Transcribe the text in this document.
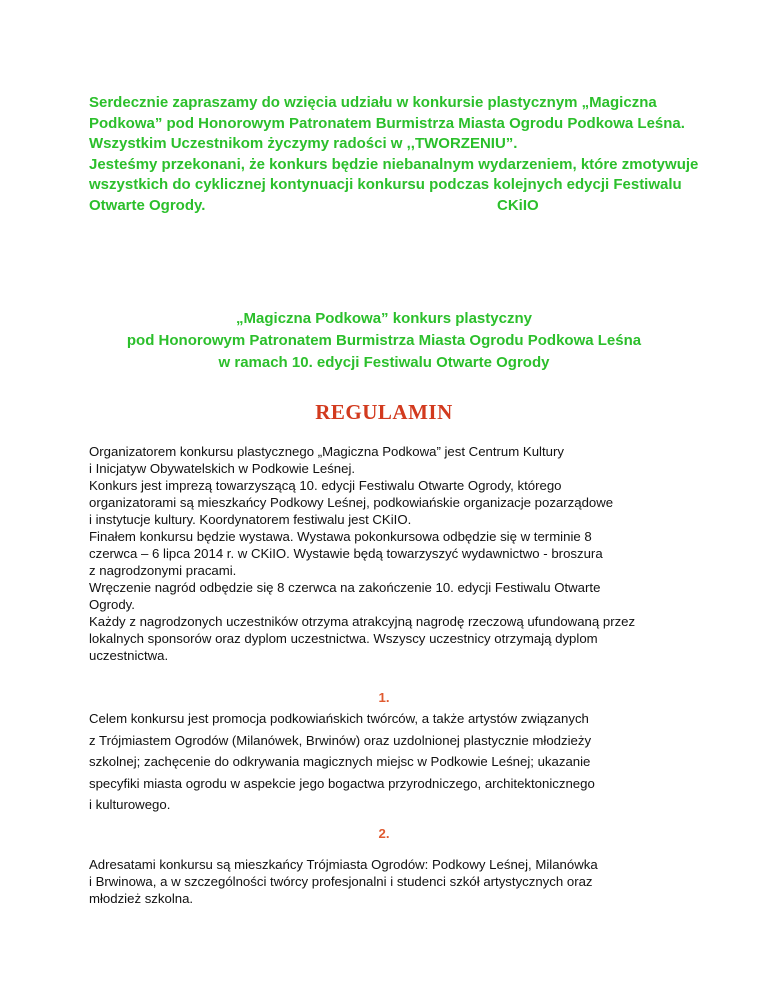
Serdecznie zapraszamy do wzięcia udziału w konkursie plastycznym „Magiczna

Podkowa” pod Honorowym Patronatem Burmistrza Miasta Ogrodu Podkowa Leśna.

Wszystkim Uczestnikom życzymy radości w ,,TWORZENIU”.

Jesteśmy przekonani, że konkurs będzie niebanalnym wydarzeniem, które zmotywuje

wszystkich do cyklicznej kontynuacji konkursu podczas kolejnych edycji Festiwalu

Otwarte Ogrody.	CKiIO
„Magiczna Podkowa” konkurs plastyczny
pod Honorowym Patronatem Burmistrza Miasta Ogrodu Podkowa Leśna
w ramach 10. edycji Festiwalu Otwarte Ogrody
REGULAMIN

Organizatorem konkursu plastycznego „Magiczna Podkowa” jest Centrum Kultury

i Inicjatyw Obywatelskich w Podkowie Leśnej.

Konkurs jest imprezą towarzyszącą 10. edycji Festiwalu Otwarte Ogrody, którego

organizatorami są mieszkańcy Podkowy Leśnej, podkowiańskie organizacje pozarządowe

i instytucje kultury. Koordynatorem festiwalu jest CKiIO.

Finałem konkursu będzie wystawa. Wystawa pokonkursowa odbędzie się w terminie 8

czerwca – 6 lipca 2014 r. w CKiIO. Wystawie będą towarzyszyć wydawnictwo - broszura

z nagrodzonymi pracami.

Wręczenie nagród odbędzie się 8 czerwca na zakończenie 10. edycji Festiwalu Otwarte

Ogrody.

Każdy z nagrodzonych uczestników otrzyma atrakcyjną nagrodę rzeczową ufundowaną przez

lokalnych sponsorów oraz dyplom uczestnictwa. Wszyscy uczestnicy otrzymają dyplom

uczestnictwa.

1.

Celem konkursu jest promocja podkowiańskich twórców, a także artystów związanych

z Trójmiastem Ogrodów (Milanówek, Brwinów) oraz uzdolnionej plastycznie młodzieży

szkolnej; zachęcenie do odkrywania magicznych miejsc w Podkowie Leśnej; ukazanie

specyfiki miasta ogrodu w aspekcie jego bogactwa przyrodniczego, architektonicznego

i kulturowego.

2.

Adresatami konkursu są mieszkańcy Trójmiasta Ogrodów: Podkowy Leśnej, Milanówka

i Brwinowa, a w szczególności twórcy profesjonalni i studenci szkół artystycznych oraz

młodzież szkolna.
